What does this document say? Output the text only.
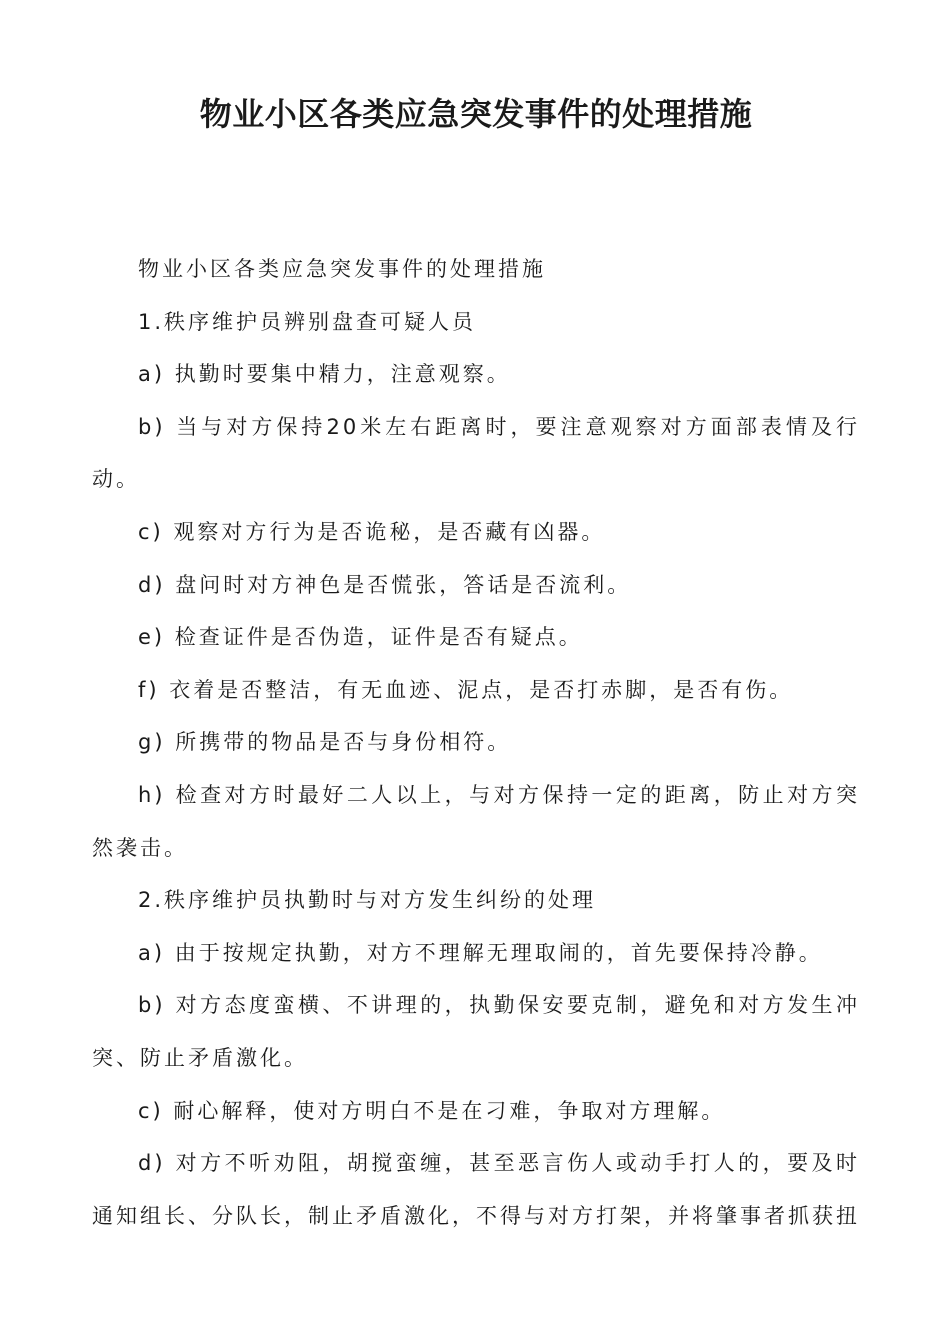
物业小区各类应急突发事件的处理措施

物业小区各类应急突发事件的处理措施

1.秩序维护员辨别盘查可疑人员

a) 执勤时要集中精力，注意观察。

b) 当与对方保持20米左右距离时，要注意观察对方面部表情及行动。

c) 观察对方行为是否诡秘，是否藏有凶器。

d) 盘问时对方神色是否慌张，答话是否流利。

e) 检查证件是否伪造，证件是否有疑点。

f) 衣着是否整洁，有无血迹、泥点，是否打赤脚，是否有伤。

g) 所携带的物品是否与身份相符。

h) 检查对方时最好二人以上，与对方保持一定的距离，防止对方突然袭击。

2.秩序维护员执勤时与对方发生纠纷的处理

a) 由于按规定执勤，对方不理解无理取闹的，首先要保持冷静。

b) 对方态度蛮横、不讲理的，执勤保安要克制，避免和对方发生冲突、防止矛盾激化。

c) 耐心解释，使对方明白不是在刁难，争取对方理解。

d) 对方不听劝阻，胡搅蛮缠，甚至恶言伤人或动手打人的，要及时通知组长、分队长，制止矛盾激化，不得与对方打架，并将肇事者抓获扭
